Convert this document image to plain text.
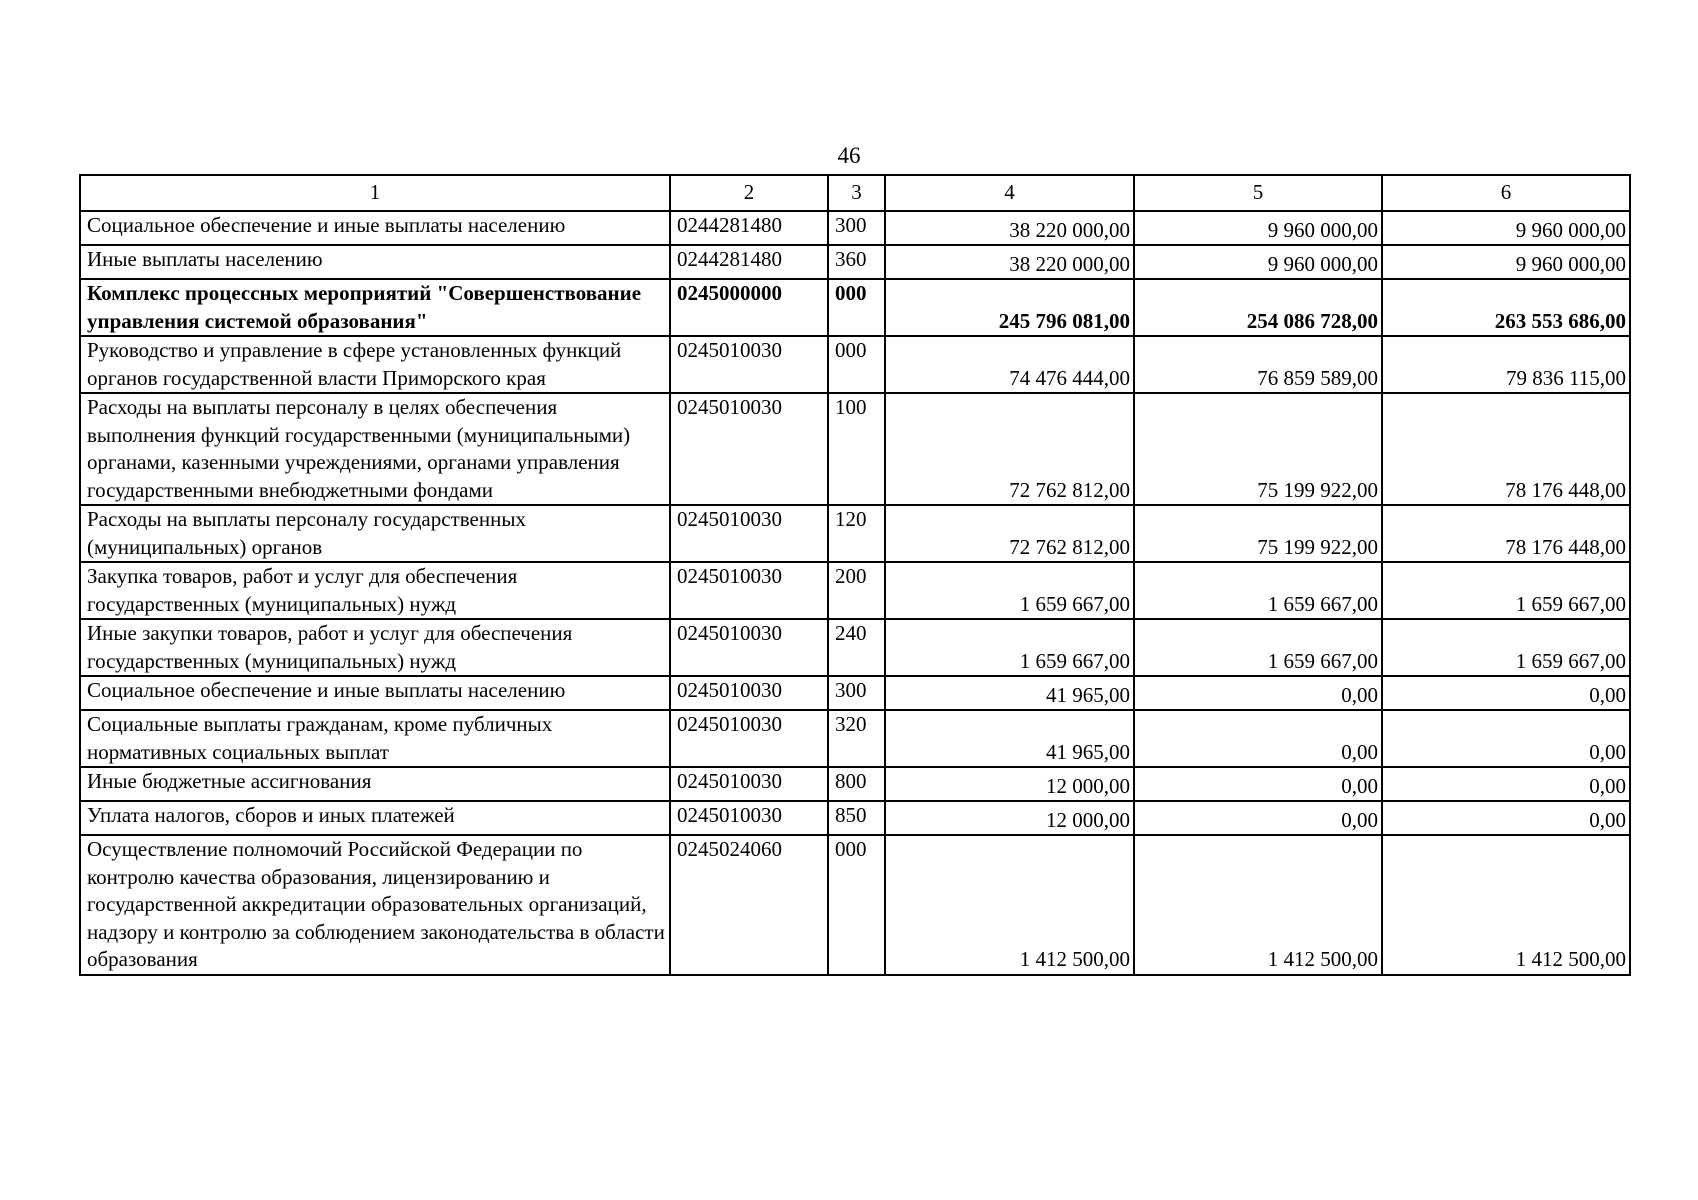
46
1	2	3	4	5	6
Социальное обеспечение и иные выплаты населению	0244281480	300	38 220 000,00	9 960 000,00	9 960 000,00
Иные выплаты населению	0244281480	360	38 220 000,00	9 960 000,00	9 960 000,00
Комплекс процессных мероприятий "Совершенствование управления системой образования"	0245000000	000	245 796 081,00	254 086 728,00	263 553 686,00
Руководство и управление в сфере установленных функций органов государственной власти Приморского края	0245010030	000	74 476 444,00	76 859 589,00	79 836 115,00
Расходы на выплаты персоналу в целях обеспечения выполнения функций государственными (муниципальными) органами, казенными учреждениями, органами управления государственными внебюджетными фондами	0245010030	100	72 762 812,00	75 199 922,00	78 176 448,00
Расходы на выплаты персоналу государственных (муниципальных) органов	0245010030	120	72 762 812,00	75 199 922,00	78 176 448,00
Закупка товаров, работ и услуг для обеспечения государственных (муниципальных) нужд	0245010030	200	1 659 667,00	1 659 667,00	1 659 667,00
Иные закупки товаров, работ и услуг для обеспечения государственных (муниципальных) нужд	0245010030	240	1 659 667,00	1 659 667,00	1 659 667,00
Социальное обеспечение и иные выплаты населению	0245010030	300	41 965,00	0,00	0,00
Социальные выплаты гражданам, кроме публичных нормативных социальных выплат	0245010030	320	41 965,00	0,00	0,00
Иные бюджетные ассигнования	0245010030	800	12 000,00	0,00	0,00
Уплата налогов, сборов и иных платежей	0245010030	850	12 000,00	0,00	0,00
Осуществление полномочий Российской Федерации по контролю качества образования, лицензированию и государственной аккредитации образовательных организаций, надзору и контролю за соблюдением законодательства в области образования	0245024060	000	1 412 500,00	1 412 500,00	1 412 500,00
